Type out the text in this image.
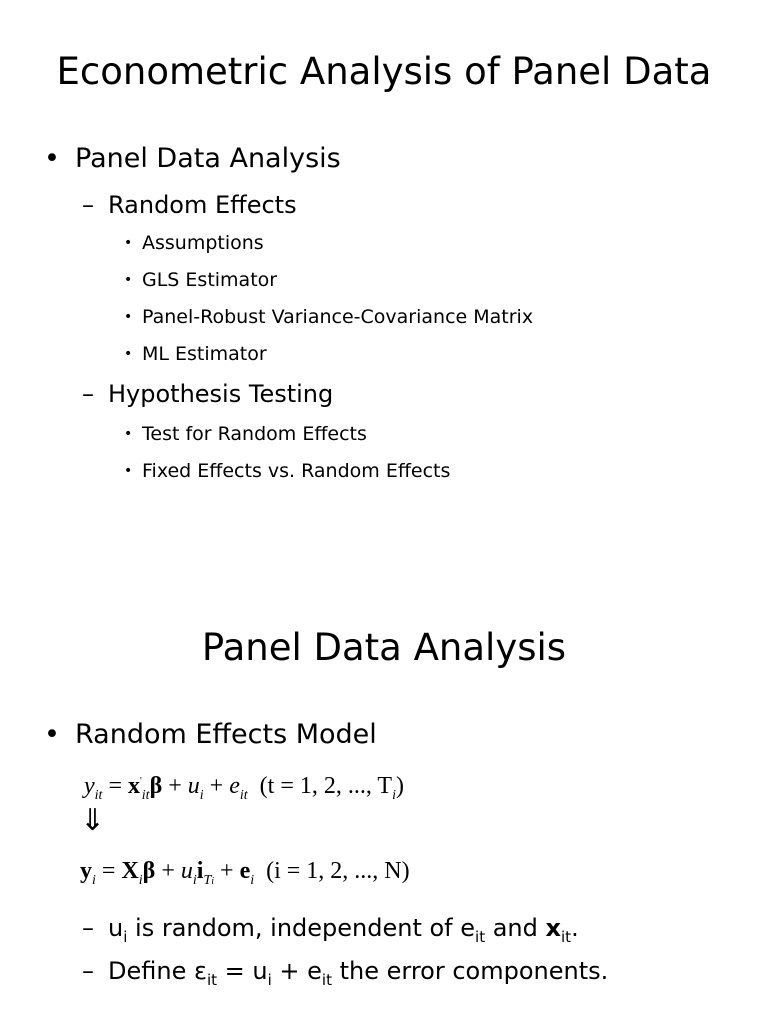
Econometric Analysis of Panel Data
• Panel Data Analysis
– Random Effects
• Assumptions
• GLS Estimator
• Panel-Robust Variance-Covariance Matrix
• ML Estimator
– Hypothesis Testing
• Test for Random Effects
• Fixed Effects vs. Random Effects
Panel Data Analysis
• Random Effects Model
$y_{it} = x'_{it}\beta + u_i + e_{it}$ (t = 1, 2, ..., $T_i$)
⇓
$y_i = X_i\beta + u_ii_{Ti} + e_i$ (i = 1, 2, ..., N)
– $u_i$ is random, independent of $e_{it}$ and $x_{it}$.
– Define $\varepsilon_{it} = u_i + e_{it}$ the error components.
